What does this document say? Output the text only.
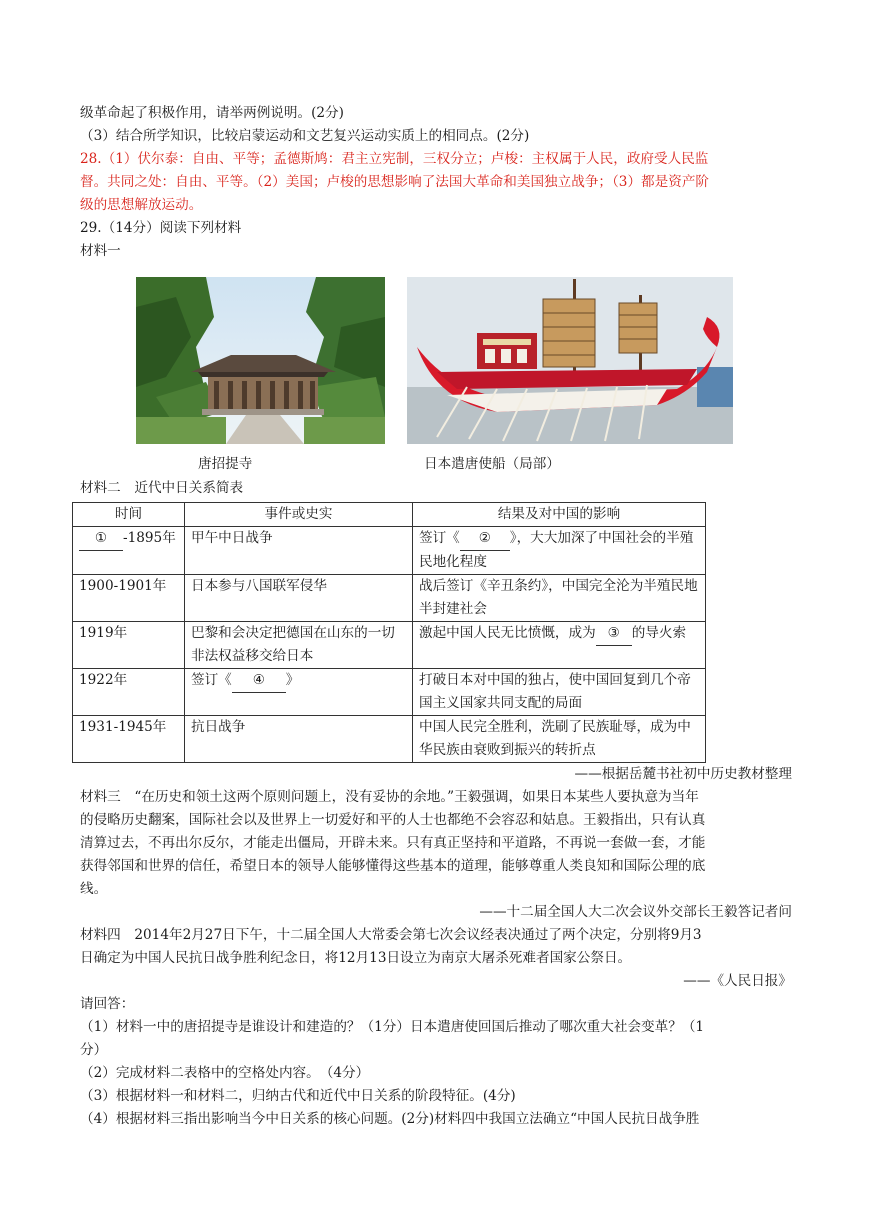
级革命起了积极作用，请举两例说明。(2分)
（3）结合所学知识，比较启蒙运动和文艺复兴运动实质上的相同点。(2分)
28.（1）伏尔泰：自由、平等；孟德斯鸠：君主立宪制，三权分立；卢梭：主权属于人民，政府受人民监
督。共同之处：自由、平等。（2）美国；卢梭的思想影响了法国大革命和美国独立战争；（3）都是资产阶
级的思想解放运动。
29.（14分）阅读下列材料
材料一
唐招提寺	日本遣唐使船（局部）
材料二　近代中日关系简表
时间	事件或史实	结果及对中国的影响
① -1895年	甲午中日战争	签订《 ② 》，大大加深了中国社会的半殖民地化程度
1900-1901年	日本参与八国联军侵华	战后签订《辛丑条约》，中国完全沦为半殖民地半封建社会
1919年	巴黎和会决定把德国在山东的一切非法权益移交给日本	激起中国人民无比愤慨，成为 ③ 的导火索
1922年	签订《 ④ 》	打破日本对中国的独占，使中国回复到几个帝国主义国家共同支配的局面
1931-1945年	抗日战争	中国人民完全胜利，洗刷了民族耻辱，成为中华民族由衰败到振兴的转折点
——根据岳麓书社初中历史教材整理
材料三　“在历史和领土这两个原则问题上，没有妥协的余地。”王毅强调，如果日本某些人要执意为当年
的侵略历史翻案，国际社会以及世界上一切爱好和平的人士也都绝不会容忍和姑息。王毅指出，只有认真
清算过去，不再出尔反尔，才能走出僵局，开辟未来。只有真正坚持和平道路，不再说一套做一套，才能
获得邻国和世界的信任，希望日本的领导人能够懂得这些基本的道理，能够尊重人类良知和国际公理的底
线。
——十二届全国人大二次会议外交部长王毅答记者问
材料四　2014年2月27日下午，十二届全国人大常委会第七次会议经表决通过了两个决定，分别将9月3
日确定为中国人民抗日战争胜利纪念日，将12月13日设立为南京大屠杀死难者国家公祭日。
——《人民日报》
请回答：
（1）材料一中的唐招提寺是谁设计和建造的？（1分）日本遣唐使回国后推动了哪次重大社会变革？（1
分）
（2）完成材料二表格中的空格处内容。　（4分）
（3）根据材料一和材料二，归纳古代和近代中日关系的阶段特征。(4分)
（4）根据材料三指出影响当今中日关系的核心问题。(2分)材料四中我国立法确立“中国人民抗日战争胜
